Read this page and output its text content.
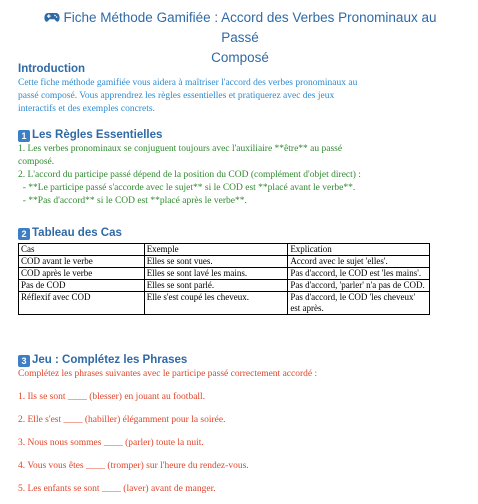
Fiche Méthode Gamifiée : Accord des Verbes Pronominaux au Passé
Composé
Introduction
Cette fiche méthode gamifiée vous aidera à maîtriser l'accord des verbes pronominaux au
passé composé. Vous apprendrez les règles essentielles et pratiquerez avec des jeux
interactifs et des exemples concrets.
1 Les Règles Essentielles
1. Les verbes pronominaux se conjuguent toujours avec l'auxiliaire **être** au passé
composé.
2. L'accord du participe passé dépend de la position du COD (complément d'objet direct) :
- **Le participe passé s'accorde avec le sujet** si le COD est **placé avant le verbe**.
- **Pas d'accord** si le COD est **placé après le verbe**.
2 Tableau des Cas
Cas	Exemple	Explication
COD avant le verbe	Elles se sont vues.	Accord avec le sujet 'elles'.
COD après le verbe	Elles se sont lavé les mains.	Pas d'accord, le COD est 'les mains'.
Pas de COD	Elles se sont parlé.	Pas d'accord, 'parler' n'a pas de COD.
Réflexif avec COD	Elle s'est coupé les cheveux.	Pas d'accord, le COD 'les cheveux' est après.
3 Jeu : Complétez les Phrases
Complétez les phrases suivantes avec le participe passé correctement accordé :
1. Ils se sont ____ (blesser) en jouant au football.
2. Elle s'est ____ (habiller) élégamment pour la soirée.
3. Nous nous sommes ____ (parler) toute la nuit.
4. Vous vous êtes ____ (tromper) sur l'heure du rendez-vous.
5. Les enfants se sont ____ (laver) avant de manger.
